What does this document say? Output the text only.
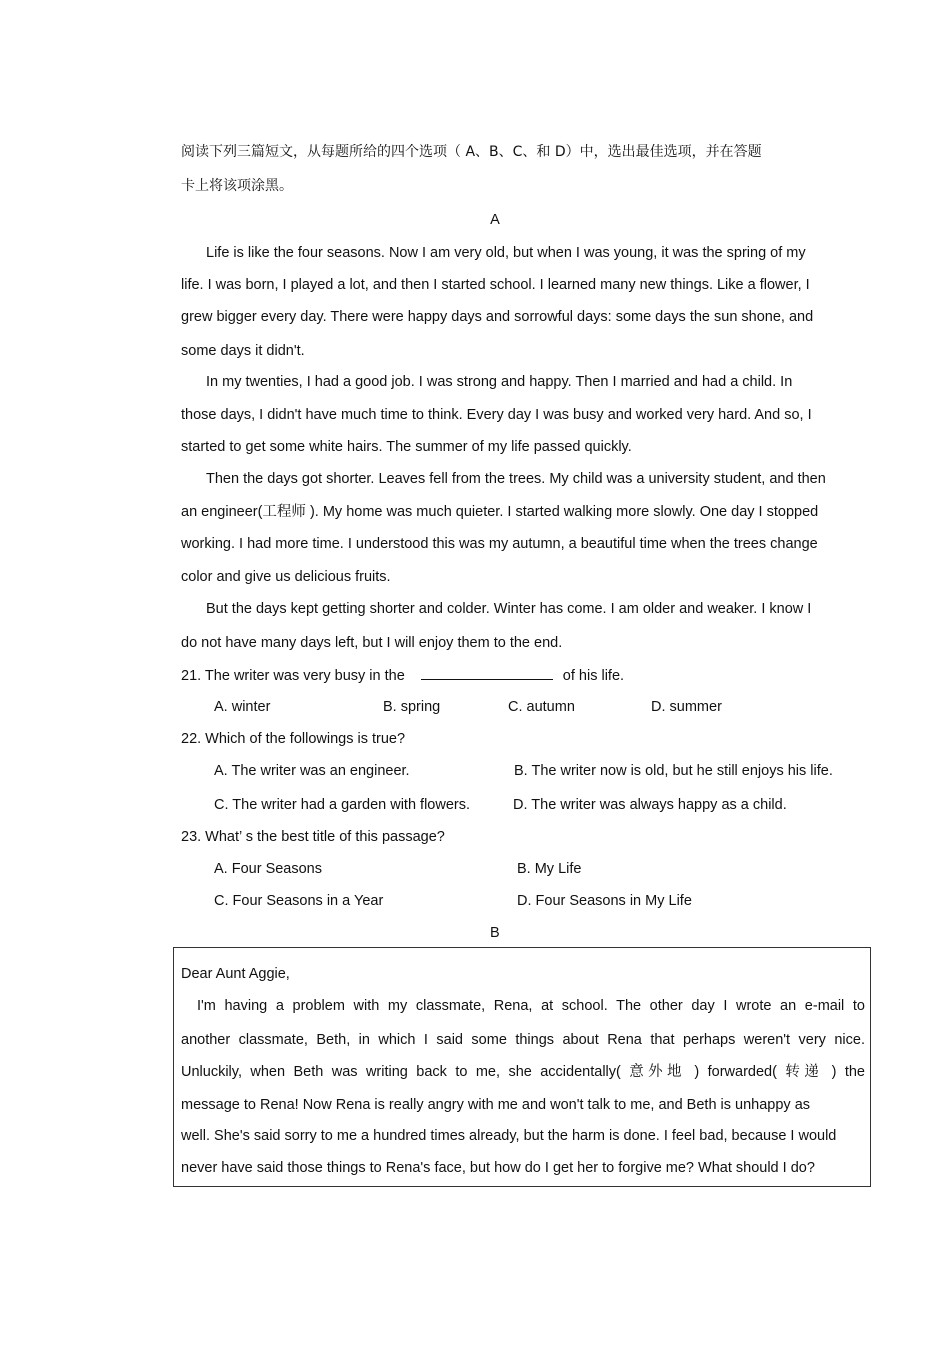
阅读下列三篇短文，从每题所给的四个选项（ A、B、C、和 D）中，选出最佳选项，并在答题
卡上将该项涂黑。
A
Life is like the four seasons. Now I am very old, but when I was young, it was the spring of my
life. I was born, I played a lot, and then I started school. I learned many new things. Like a flower, I
grew bigger every day. There were happy days and sorrowful days: some days the sun shone, and
some days it didn't.
In my twenties, I had a good job. I was strong and happy. Then I married and had a child. In
those days, I didn't have much time to think. Every day I was busy and worked very hard. And so, I
started to get some white hairs. The summer of my life passed quickly.
Then the days got shorter. Leaves fell from the trees. My child was a university student, and then
an engineer(工程师 ). My home was much quieter. I started walking more slowly. One day I stopped
working. I had more time. I understood this was my autumn, a beautiful time when the trees change
color and give us delicious fruits.
But the days kept getting shorter and colder. Winter has come. I am older and weaker. I know I
do not have many days left, but I will enjoy them to the end.
21. The writer was very busy in the	of his life.
A. winter	B. spring	C. autumn	D. summer
22. Which of the followings is true?
A. The writer was an engineer.	B. The writer now is old, but he still enjoys his life.
C. The writer had a garden with flowers.	D. The writer was always happy as a child.
23. What’ s the best title of this passage?
A. Four Seasons	B. My Life
C. Four Seasons in a Year	D. Four Seasons in My Life
B
Dear Aunt Aggie,
I'm having a problem with my classmate, Rena, at school. The other day I wrote an e-mail to
another classmate, Beth, in which I said some things about Rena that perhaps weren't very nice.
Unluckily, when Beth was writing back to me, she accidentally( 意外地 ) forwarded( 转递 ) the
message to Rena! Now Rena is really angry with me and won't talk to me, and Beth is unhappy as
well. She's said sorry to me a hundred times already, but the harm is done. I feel bad, because I would
never have said those things to Rena's face, but how do I get her to forgive me? What should I do?
